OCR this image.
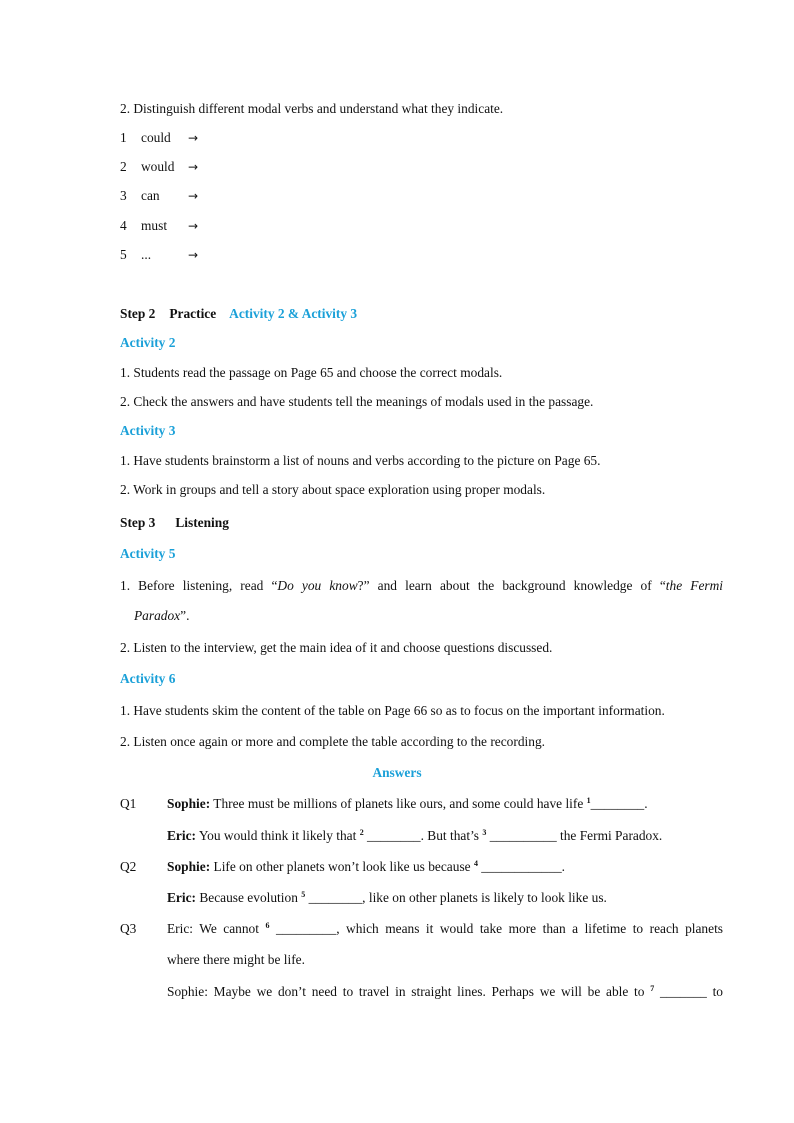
2. Distinguish different modal verbs and understand what they indicate.
1 could →
2 would →
3 can →
4 must →
5 ...	→
Step 2 Practice Activity 2 & Activity 3
Activity 2
1. Students read the passage on Page 65 and choose the correct modals.
2. Check the answers and have students tell the meanings of modals used in the passage.
Activity 3
1. Have students brainstorm a list of nouns and verbs according to the picture on Page 65.
2. Work in groups and tell a story about space exploration using proper modals.
Step 3 Listening
Activity 5
1. Before listening, read “Do you know?” and learn about the background knowledge of “the Fermi
Paradox”.
2. Listen to the interview, get the main idea of it and choose questions discussed.
Activity 6
1. Have students skim the content of the table on Page 66 so as to focus on the important information.
2. Listen once again or more and complete the table according to the recording.
Answers
Q1 Sophie: Three must be millions of planets like ours, and some could have life $^1$________.
Eric: You would think it likely that $^2$ ________. But that’s $^3$ __________ the Fermi Paradox.
Q2 Sophie: Life on other planets won’t look like us because $^4$ ____________.
Eric: Because evolution $^5$ ________, like on other planets is likely to look like us.
Q3 Eric: We cannot $^6$ _________, which means it would take more than a lifetime to reach planets
where there might be life.
Sophie: Maybe we don’t need to travel in straight lines. Perhaps we will be able to $^7$ _______ to
